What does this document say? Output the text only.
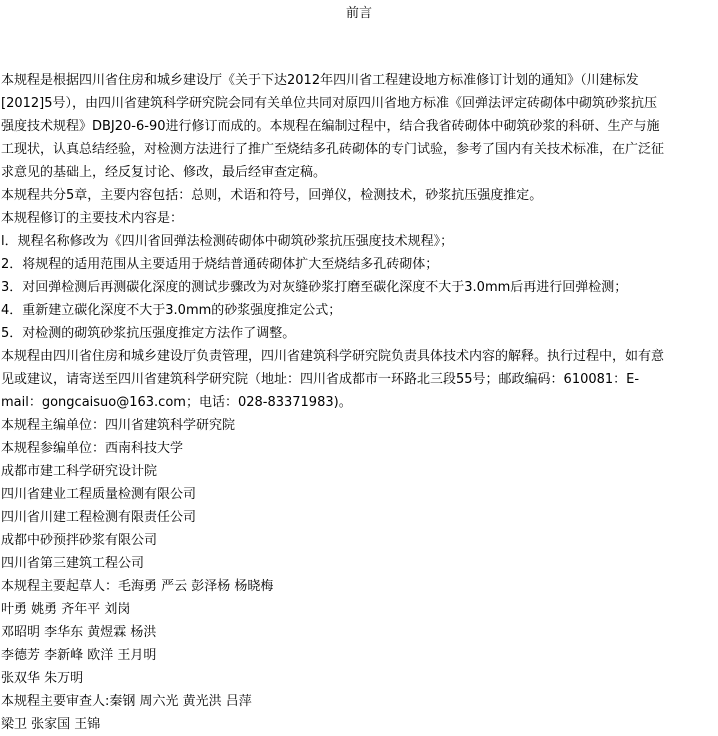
前言

本规程是根据四川省住房和城乡建设厅《关于下达2012年四川省工程建设地方标准修订计划的通知》（川建标发

[2012]5号），由四川省建筑科学研究院会同有关单位共同对原四川省地方标准《回弹法评定砖砌体中砌筑砂浆抗压

强度技术规程》DBJ20-6-90进行修订而成的。本规程在编制过程中，结合我省砖砌体中砌筑砂浆的科研、生产与施

工现状，认真总结经验，对检测方法进行了推广至烧结多孔砖砌体的专门试验，参考了国内有关技术标准，在广泛征

求意见的基础上，经反复讨论、修改，最后经审查定稿。

本规程共分5章，主要内容包括：总则，术语和符号，回弹仪，检测技术，砂浆抗压强度推定。

本规程修订的主要技术内容是：

l．规程名称修改为《四川省回弹法检测砖砌体中砌筑砂浆抗压强度技术规程》；

2．将规程的适用范围从主要适用于烧结普通砖砌体扩大至烧结多孔砖砌体；

3．对回弹检测后再测碳化深度的测试步骤改为对灰缝砂浆打磨至碳化深度不大于3.0mm后再进行回弹检测；

4．重新建立碳化深度不大于3.0mm的砂浆强度推定公式；

5．对检测的砌筑砂浆抗压强度推定方法作了调整。

本规程由四川省住房和城乡建设厅负责管理，四川省建筑科学研究院负责具体技术内容的解释。执行过程中，如有意

见或建议，请寄送至四川省建筑科学研究院（地址：四川省成都市一环路北三段55号；邮政编码：610081：E-

mail：gongcaisuo@163.com；电话：028-83371983)。

本规程主编单位：四川省建筑科学研究院

本规程参编单位：西南科技大学

成都市建工科学研究设计院

四川省建业工程质量检测有限公司

四川省川建工程检测有限责任公司

成都中砂预拌砂浆有限公司

四川省第三建筑工程公司

本规程主要起草人：毛海勇 严云 彭泽杨 杨晓梅

叶勇 姚勇 齐年平 刘岗

邓昭明 李华东 黄煜霖 杨洪

李德芳 李新峰 欧洋 王月明

张双华 朱万明

本规程主要审查人:秦钢 周六光 黄光洪 吕萍

梁卫 张家国 王锦
